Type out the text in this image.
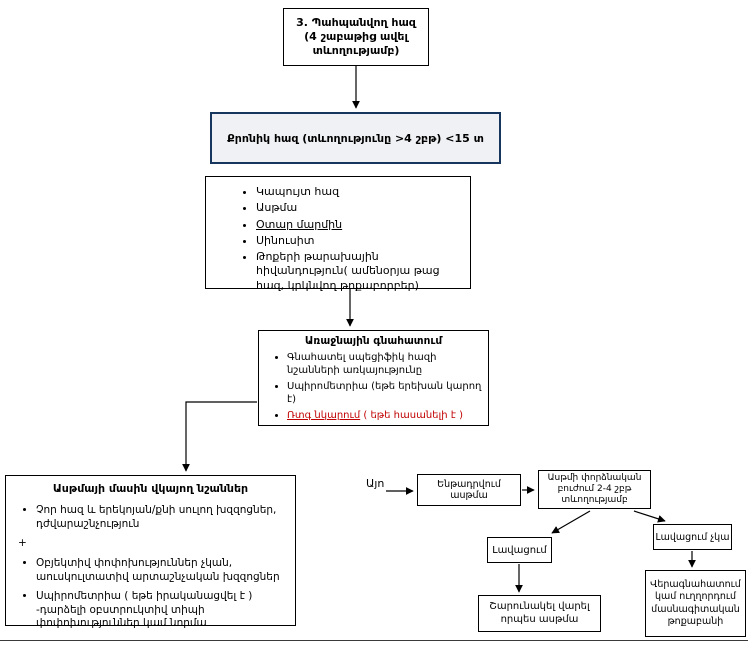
3. Պահպանվող հազ (4 շաբաթից ավել տևողությամբ)
Քրոնիկ հազ (տևողությունը >4 շբթ) <15 տ
• Կապույտ հազ
• Ասթմա
• Օտար մարմին
• Սինուսիտ
• Թոքերի թարախային հիվանդություն( ամենօրյա թաց հազ, կրկնվող թոքաբորբեր)
Առաջնային գնահատում
• Գնահատել սպեցիֆիկ հազի նշանների առկայությունը
• Սպիրոմետրիա (եթե երեխան կարող է)
• Ռտգ նկարում ( եթե հասանելի է )
Ասթմայի մասին վկայող նշաններ
• Չոր հազ և երեկոյան/քնի սուլող խզզոցներ, դժվարաշնչություն
+
• Օբյեկտիվ փոփոխություններ չկան, աուսկուլտատիվ արտաշնչական խզզոցներ
• Սպիրոմետրիա ( եթե իրականացվել է ) -դարձելի օբստրուկտիվ տիպի փոփոխություններ կամ նորմա
Այո	Ենթադրվում ասթմա
Ասթմի փորձնական բուժում 2-4 շբթ տևողությամբ
Լավացում
Լավացում չկա
Շարունակել վարել որպես ասթմա
Վերագնահատում կամ ուղղորդում մասնագիտական թոքաբանի
